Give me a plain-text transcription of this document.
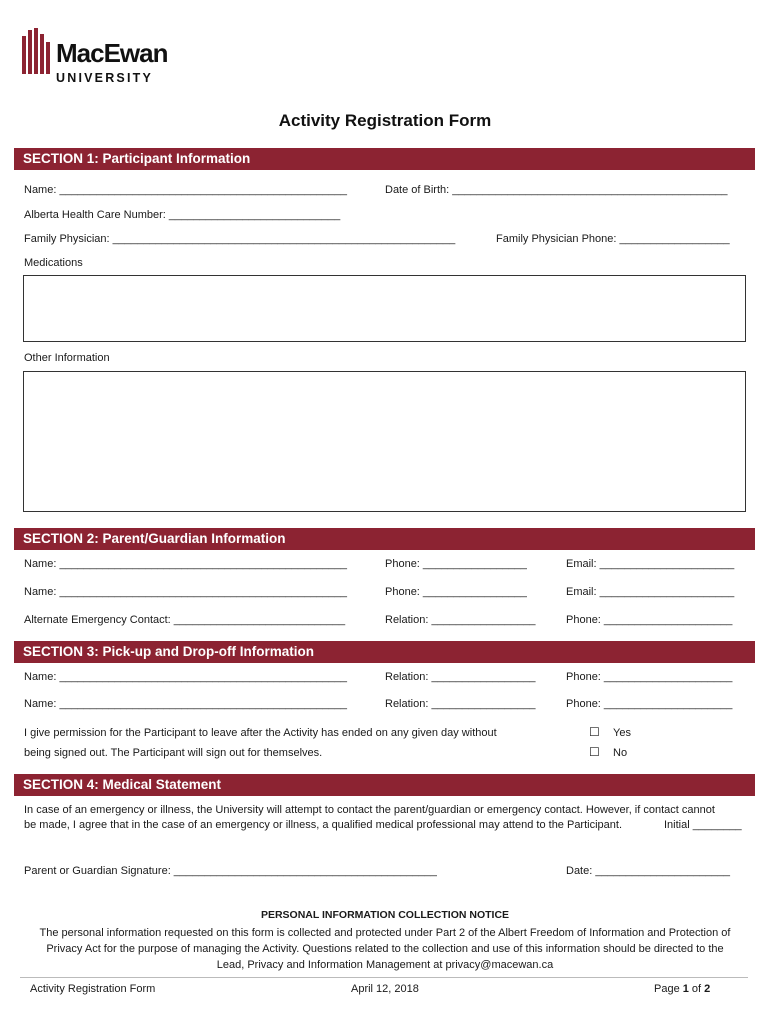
MacEwan
UNIVERSITY
Activity Registration Form
SECTION 1: Participant Information
Name: _______________________________________________	Date of Birth: _____________________________________________
Alberta Health Care Number: ____________________________
Family Physician: ________________________________________________________	Family Physician Phone: __________________
Medications
Other Information
SECTION 2: Parent/Guardian Information
Name: _______________________________________________	Phone: _________________	Email: ______________________
Name: _______________________________________________	Phone: _________________	Email: ______________________
Alternate Emergency Contact: ____________________________	Relation: _________________	Phone: _____________________
SECTION 3: Pick-up and Drop-off Information
Name: _______________________________________________	Relation: _________________	Phone: _____________________
Name: _______________________________________________	Relation: _________________	Phone: _____________________
I give permission for the Participant to leave after the Activity has ended on any given day without
being signed out. The Participant will sign out for themselves.
☐ Yes
☐ No
SECTION 4: Medical Statement
In case of an emergency or illness, the University will attempt to contact the parent/guardian or emergency contact. However, if contact cannot
be made, I agree that in the case of an emergency or illness, a qualified medical professional may attend to the Participant.	Initial ________
Parent or Guardian Signature: ___________________________________________	Date: ______________________
PERSONAL INFORMATION COLLECTION NOTICE
The personal information requested on this form is collected and protected under Part 2 of the Albert Freedom of Information and Protection of
Privacy Act for the purpose of managing the Activity. Questions related to the collection and use of this information should be directed to the
Lead, Privacy and Information Management at privacy@macewan.ca
Activity Registration Form	April 12, 2018	Page 1 of 2
